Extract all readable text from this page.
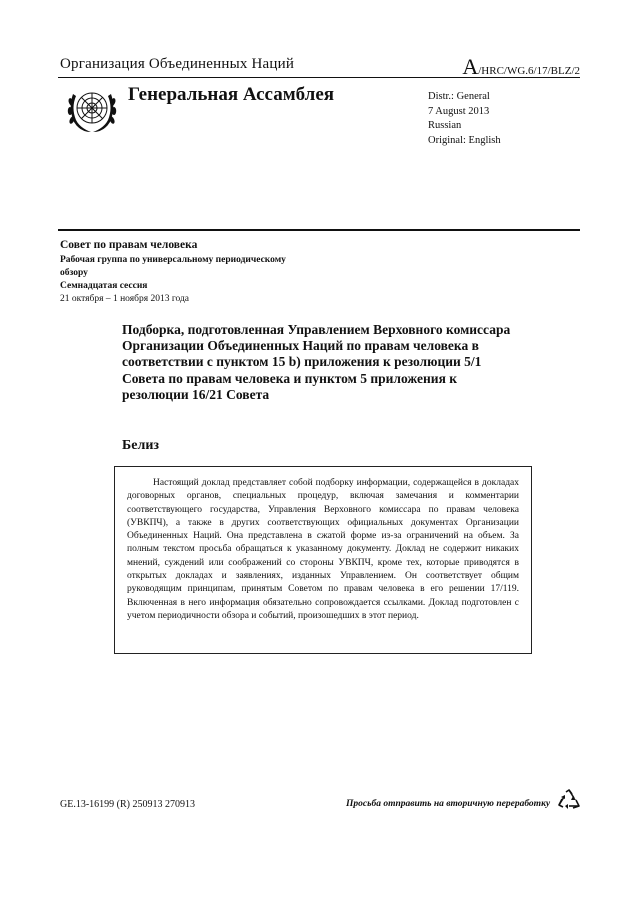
Организация Объединенных Наций	A/HRC/WG.6/17/BLZ/2
Генеральная Ассамблея	Distr.: General
7 August 2013
Russian
Original: English
Совет по правам человека
Рабочая группа по универсальному периодическому обзору
Семнадцатая сессия
21 октября – 1 ноября 2013 года
Подборка, подготовленная Управлением Верховного комиссара Организации Объединенных Наций по правам человека в соответствии с пунктом 15 b) приложения к резолюции 5/1 Совета по правам человека и пунктом 5 приложения к резолюции 16/21 Совета
Белиз

Настоящий доклад представляет собой подборку информации, содержащейся в докладах договорных органов, специальных процедур, включая замечания и комментарии соответствующего государства, Управления Верховного комиссара по правам человека (УВКПЧ), а также в других соответствующих официальных документах Организации Объединенных Наций. Она представлена в сжатой форме из-за ограничений на объем. За полным текстом просьба обращаться к указанному документу. Доклад не содержит никаких мнений, суждений или соображений со стороны УВКПЧ, кроме тех, которые приводятся в открытых докладах и заявлениях, изданных Управлением. Он соответствует общим руководящим принципам, принятым Советом по правам человека в его решении 17/119. Включенная в него информация обязательно сопровождается ссылками. Доклад подготовлен с учетом периодичности обзора и событий, произошедших в этот период.

GE.13-16199 (R) 250913 270913	Просьба отправить на вторичную переработку
